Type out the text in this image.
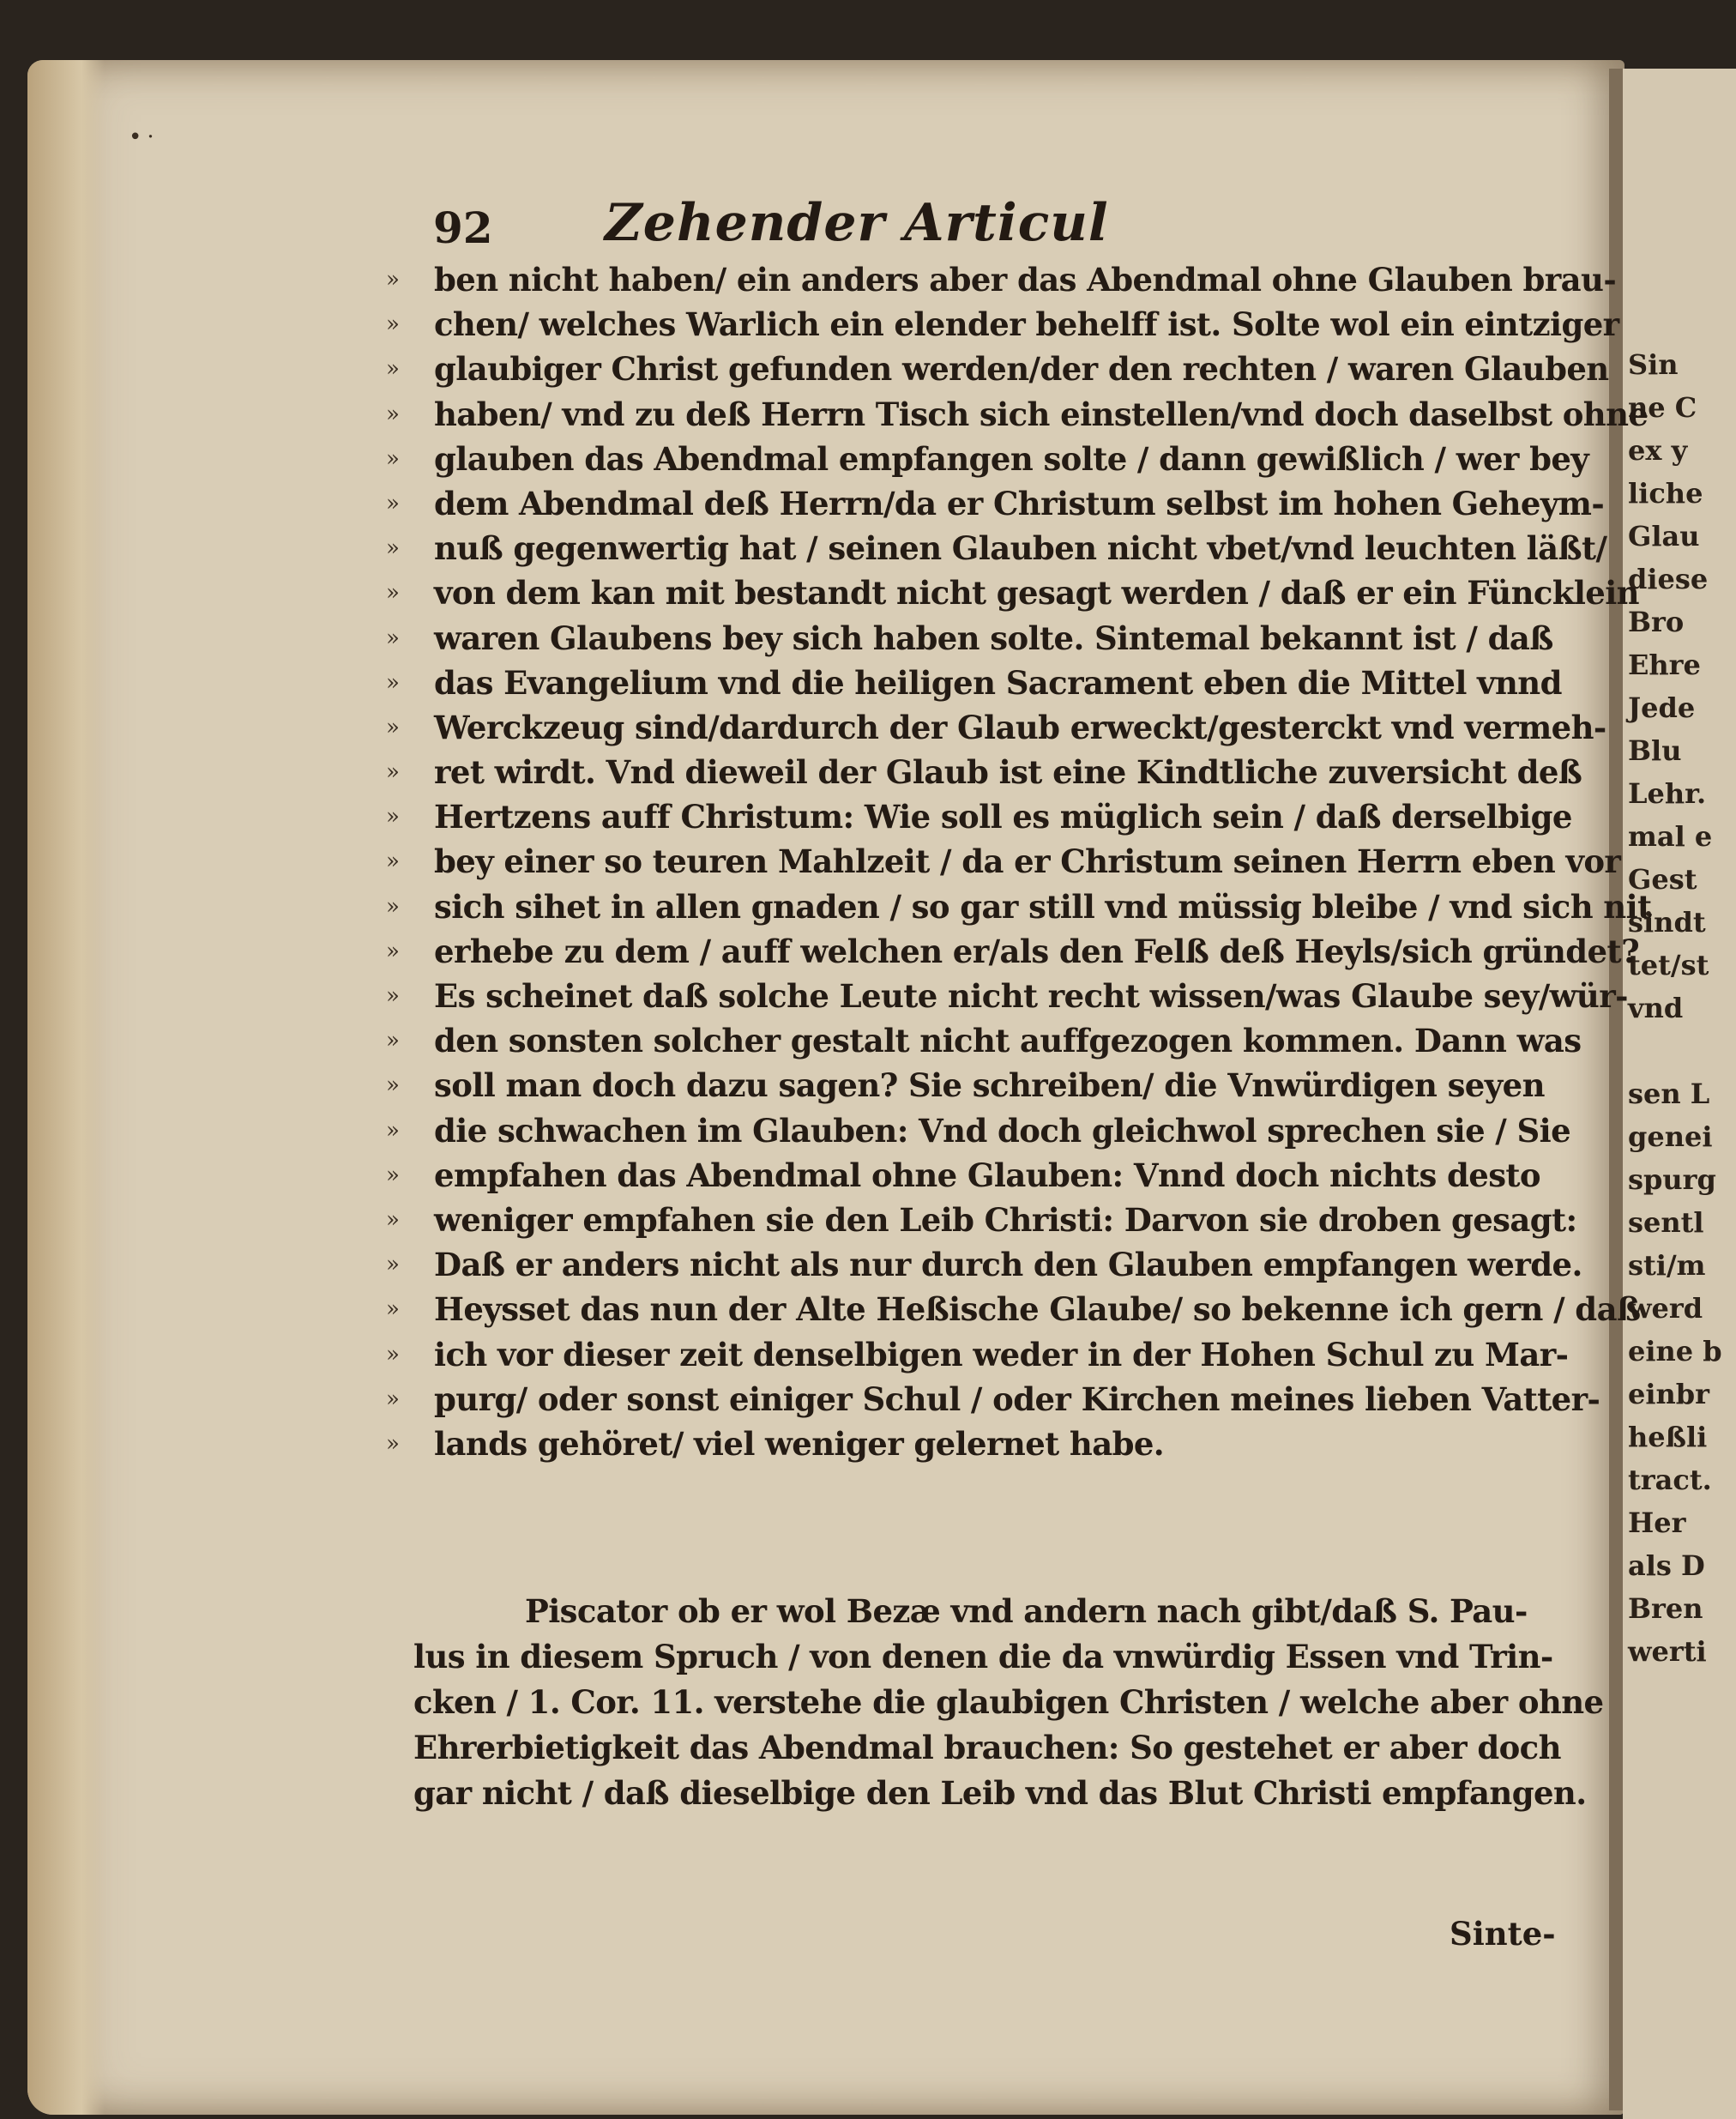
Sin
ne C
ex y
liche
Glau
diese
Bro
Ehre
Jede
Blu
Lehr.
mal e
Gest
sindt
tet/st
vnd
sen L
genei
spurg
sentl
sti/m
werd
eine b
einbr
heßli
tract.
Her
als D
Bren
werti
•·
92	Zehender Articul
»	ben nicht haben/ ein anders aber das Abendmal ohne Glauben brau-
»	chen/ welches Warlich ein elender behelff ist. Solte wol ein eintziger
»	glaubiger Christ gefunden werden/der den rechten / waren Glauben
»	haben/ vnd zu deß Herrn Tisch sich einstellen/vnd doch daselbst ohne
»	glauben das Abendmal empfangen solte / dann gewißlich / wer bey
»	dem Abendmal deß Herrn/da er Christum selbst im hohen Geheym-
»	nuß gegenwertig hat / seinen Glauben nicht vbet/vnd leuchten läßt/
»	von dem kan mit bestandt nicht gesagt werden / daß er ein Füncklein
»	waren Glaubens bey sich haben solte. Sintemal bekannt ist / daß
»	das Evangelium vnd die heiligen Sacrament eben die Mittel vnnd
»	Werckzeug sind/dardurch der Glaub erweckt/gesterckt vnd vermeh-
»	ret wirdt. Vnd dieweil der Glaub ist eine Kindtliche zuversicht deß
»	Hertzens auff Christum: Wie soll es müglich sein / daß derselbige
»	bey einer so teuren Mahlzeit / da er Christum seinen Herrn eben vor
»	sich sihet in allen gnaden / so gar still vnd müssig bleibe / vnd sich nit
»	erhebe zu dem / auff welchen er/als den Felß deß Heyls/sich gründet?
»	Es scheinet daß solche Leute nicht recht wissen/was Glaube sey/wür-
»	den sonsten solcher gestalt nicht auffgezogen kommen. Dann was
»	soll man doch dazu sagen? Sie schreiben/ die Vnwürdigen seyen
»	die schwachen im Glauben: Vnd doch gleichwol sprechen sie / Sie
»	empfahen das Abendmal ohne Glauben: Vnnd doch nichts desto
»	weniger empfahen sie den Leib Christi: Darvon sie droben gesagt:
»	Daß er anders nicht als nur durch den Glauben empfangen werde.
»	Heysset das nun der Alte Heßische Glaube/ so bekenne ich gern / daß
»	ich vor dieser zeit denselbigen weder in der Hohen Schul zu Mar-
»	purg/ oder sonst einiger Schul / oder Kirchen meines lieben Vatter-
»	lands gehöret/ viel weniger gelernet habe.
Piscator ob er wol Bezæ vnd andern nach gibt/daß S. Pau-
lus in diesem Spruch / von denen die da vnwürdig Essen vnd Trin-
cken / 1. Cor. 11. verstehe die glaubigen Christen / welche aber ohne
Ehrerbietigkeit das Abendmal brauchen: So gestehet er aber doch
gar nicht / daß dieselbige den Leib vnd das Blut Christi empfangen.
Sinte-
